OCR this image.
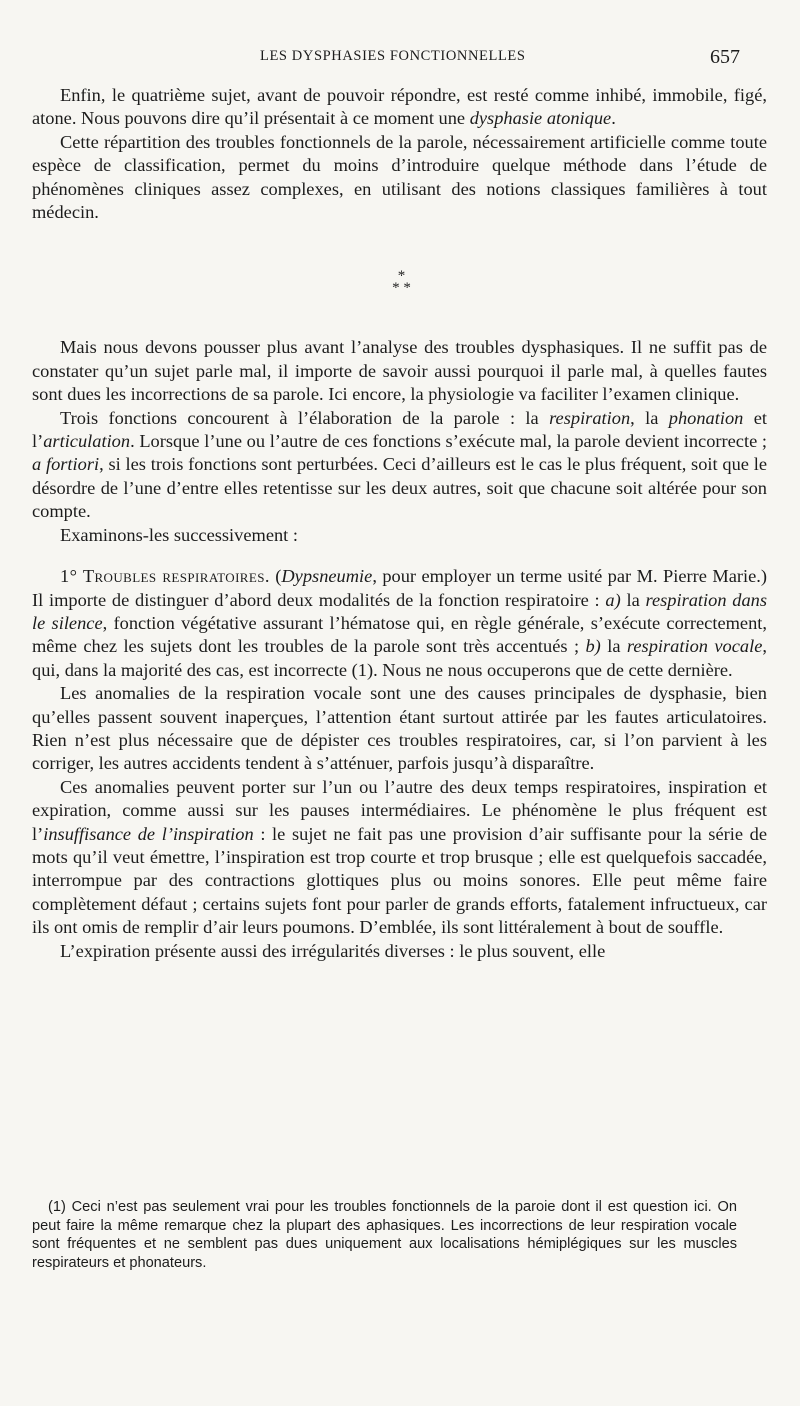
LES DYSPHASIES FONCTIONNELLES	657

Enfin, le quatrième sujet, avant de pouvoir répondre, est resté comme inhibé, immobile, figé, atone. Nous pouvons dire qu’il présentait à ce moment une dysphasie atonique.

Cette répartition des troubles fonctionnels de la parole, nécessairement artificielle comme toute espèce de classification, permet du moins d’introduire quelque méthode dans l’étude de phénomènes cliniques assez complexes, en utilisant des notions classiques familières à tout médecin.

*
* *

Mais nous devons pousser plus avant l’analyse des troubles dysphasiques. Il ne suffit pas de constater qu’un sujet parle mal, il importe de savoir aussi pourquoi il parle mal, à quelles fautes sont dues les incorrections de sa parole. Ici encore, la physiologie va faciliter l’examen clinique.

Trois fonctions concourent à l’élaboration de la parole : la respiration, la phonation et l’articulation. Lorsque l’une ou l’autre de ces fonctions s’exécute mal, la parole devient incorrecte ; a fortiori, si les trois fonctions sont perturbées. Ceci d’ailleurs est le cas le plus fréquent, soit que le désordre de l’une d’entre elles retentisse sur les deux autres, soit que chacune soit altérée pour son compte.

Examinons-les successivement :

1° Troubles respiratoires. (Dypsneumie, pour employer un terme usité par M. Pierre Marie.) Il importe de distinguer d’abord deux modalités de la fonction respiratoire : a) la respiration dans le silence, fonction végétative assurant l’hématose qui, en règle générale, s’exécute correctement, même chez les sujets dont les troubles de la parole sont très accentués ; b) la respiration vocale, qui, dans la majorité des cas, est incorrecte (1). Nous ne nous occuperons que de cette dernière.

Les anomalies de la respiration vocale sont une des causes principales de dysphasie, bien qu’elles passent souvent inaperçues, l’attention étant surtout attirée par les fautes articulatoires. Rien n’est plus nécessaire que de dépister ces troubles respiratoires, car, si l’on parvient à les corriger, les autres accidents tendent à s’atténuer, parfois jusqu’à disparaître.

Ces anomalies peuvent porter sur l’un ou l’autre des deux temps respiratoires, inspiration et expiration, comme aussi sur les pauses intermédiaires. Le phénomène le plus fréquent est l’insuffisance de l’inspiration : le sujet ne fait pas une provision d’air suffisante pour la série de mots qu’il veut émettre, l’inspiration est trop courte et trop brusque ; elle est quelquefois saccadée, interrompue par des contractions glottiques plus ou moins sonores. Elle peut même faire complètement défaut ; certains sujets font pour parler de grands efforts, fatalement infructueux, car ils ont omis de remplir d’air leurs poumons. D’emblée, ils sont littéralement à bout de souffle.

L’expiration présente aussi des irrégularités diverses : le plus souvent, elle

(1) Ceci n’est pas seulement vrai pour les troubles fonctionnels de la paroie dont il est question ici. On peut faire la même remarque chez la plupart des aphasiques. Les incorrections de leur respiration vocale sont fréquentes et ne semblent pas dues uniquement aux localisations hémiplégiques sur les muscles respirateurs et phonateurs.
